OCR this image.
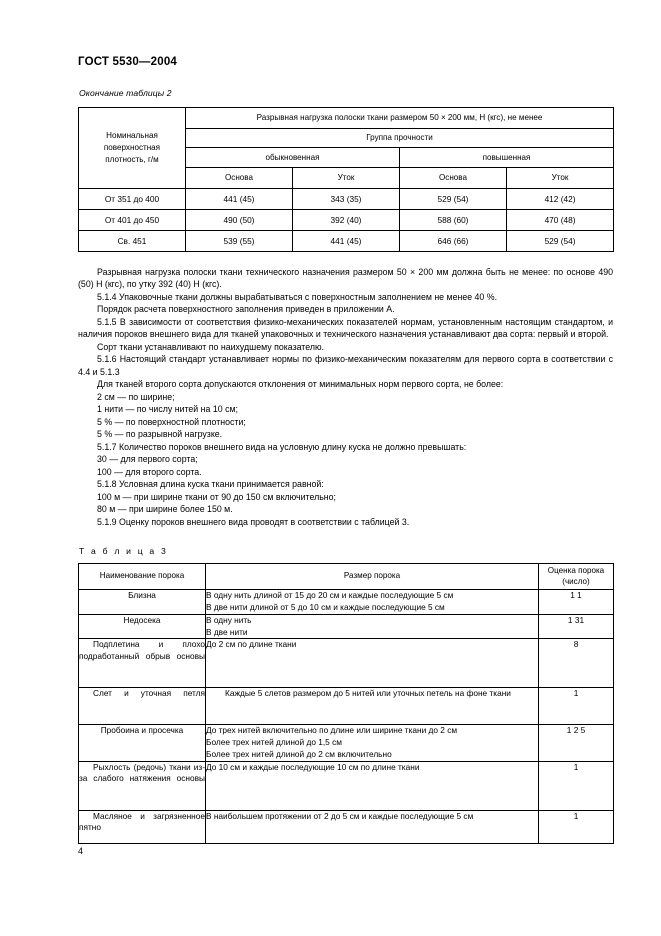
ГОСТ 5530—2004
Окончание таблицы 2
Номинальная поверхностная плотность, г/м	Разрывная нагрузка полоски ткани размером 50 × 200 мм, Н (кгс), не менее			
	Группа прочности			
	обыкновенная		повышенная	
	Основа	Уток	Основа	Уток
От 351 до 400	441 (45)	343 (35)	529 (54)	412 (42)
От 401 до 450	490 (50)	392 (40)	588 (60)	470 (48)
Св. 451	539 (55)	441 (45)	646 (66)	529 (54)

Разрывная нагрузка полоски ткани технического назначения размером 50 × 200 мм должна быть не менее: по основе 490 (50) Н (кгс), по утку 392 (40) Н (кгс).

5.1.4 Упаковочные ткани должны вырабатываться с поверхностным заполнением не менее 40 %.

Порядок расчета поверхностного заполнения приведен в приложении А.

5.1.5 В зависимости от соответствия физико-механических показателей нормам, установленным настоящим стандартом, и наличия пороков внешнего вида для тканей упаковочных и технического назначения устанавливают два сорта: первый и второй.

Сорт ткани устанавливают по наихудшему показателю.

5.1.6 Настоящий стандарт устанавливает нормы по физико-механическим показателям для первого сорта в соответствии с 4.4 и 5.1.3

Для тканей второго сорта допускаются отклонения от минимальных норм первого сорта, не более:

2 см — по ширине;

1 нити — по числу нитей на 10 см;

5 % — по поверхностной плотности;

5 % — по разрывной нагрузке.

5.1.7 Количество пороков внешнего вида на условную длину куска не должно превышать:

30 — для первого сорта;

100 — для второго сорта.

5.1.8 Условная длина куска ткани принимается равной:

100 м — при ширине ткани от 90 до 150 см включительно;

80 м — при ширине более 150 м.

5.1.9 Оценку пороков внешнего вида проводят в соответствии с таблицей 3.

Т а б л и ц а 3
Наименование порока	Размер порока	Оценка порока (число)
Близна	В одну нить длиной от 15 до 20 см и каждые последующие 5 см
В две нити длиной от 5 до 10 см и каждые последующие 5 см	1 1
Недосека	В одну нить
В две нити	1 31
Подплетина и плохо подработанный обрыв основы	До 2 см по длине ткани	8
Слет и уточная петля	Каждые 5 слетов размером до 5 нитей или уточных петель на фоне ткани	1
Пробоина и просечка	До трех нитей включительно по длине или ширине ткани до 2 см
Более трех нитей длиной до 1,5 см
Более трех нитей длиной до 2 см включительно	1 2 5
Рыхлость (редочь) ткани из-за слабого натяжения основы	До 10 см и каждые последующие 10 см по длине ткани	1
Масляное и загрязненное пятно	В наибольшем протяжении от 2 до 5 см и каждые последующие 5 см	1
4
